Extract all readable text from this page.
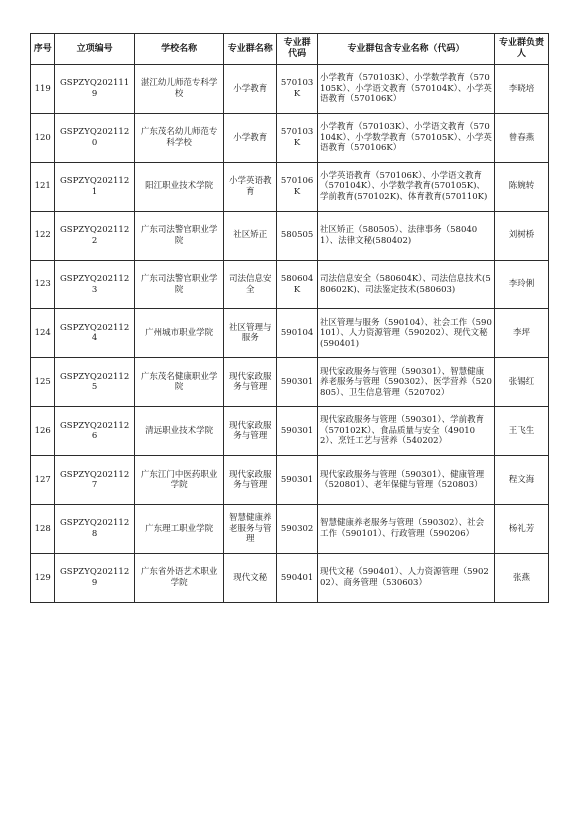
序号	立项编号	学校名称	专业群名称	专业群代码	专业群包含专业名称（代码）	专业群负责人
119	GSPZYQ2021119	湛江幼儿师范专科学校	小学教育	570103K	小学教育（570103K）、小学数学教育（570105K）、小学语文教育（570104K）、小学英语教育（570106K）	李晓培
120	GSPZYQ2021120	广东茂名幼儿师范专科学校	小学教育	570103K	小学教育（570103K）、小学语文教育（570104K）、小学数学教育（570105K）、小学英语教育（570106K）	曾春燕
121	GSPZYQ2021121	阳江职业技术学院	小学英语教育	570106K	小学英语教育（570106K）、小学语文教育（570104K）、小学数学教育(570105K)、学前教育(570102K)、体育教育(570110K)	陈婉转
122	GSPZYQ2021122	广东司法警官职业学院	社区矫正	580505	社区矫正（580505）、法律事务（580401）、法律文秘(580402)	刘树桥
123	GSPZYQ2021123	广东司法警官职业学院	司法信息安全	580604K	司法信息安全（580604K）、司法信息技术(580602K)、司法鉴定技术(580603)	李玲俐
124	GSPZYQ2021124	广州城市职业学院	社区管理与服务	590104	社区管理与服务（590104）、社会工作（590101）、人力资源管理（590202）、现代文秘(590401)	李坪
125	GSPZYQ2021125	广东茂名健康职业学院	现代家政服务与管理	590301	现代家政服务与管理（590301）、智慧健康养老服务与管理（590302）、医学营养（520805）、卫生信息管理（520702）	张锡红
126	GSPZYQ2021126	清远职业技术学院	现代家政服务与管理	590301	现代家政服务与管理（590301）、学前教育（570102K）、食品质量与安全（490102）、烹饪工艺与营养（540202）	王飞生
127	GSPZYQ2021127	广东江门中医药职业学院	现代家政服务与管理	590301	现代家政服务与管理（590301）、健康管理（520801）、老年保健与管理（520803）	程文海
128	GSPZYQ2021128	广东理工职业学院	智慧健康养老服务与管理	590302	智慧健康养老服务与管理（590302）、社会工作（590101）、行政管理（590206）	杨礼芳
129	GSPZYQ2021129	广东省外语艺术职业学院	现代文秘	590401	现代文秘（590401）、人力资源管理（590202）、商务管理（530603）	张燕
